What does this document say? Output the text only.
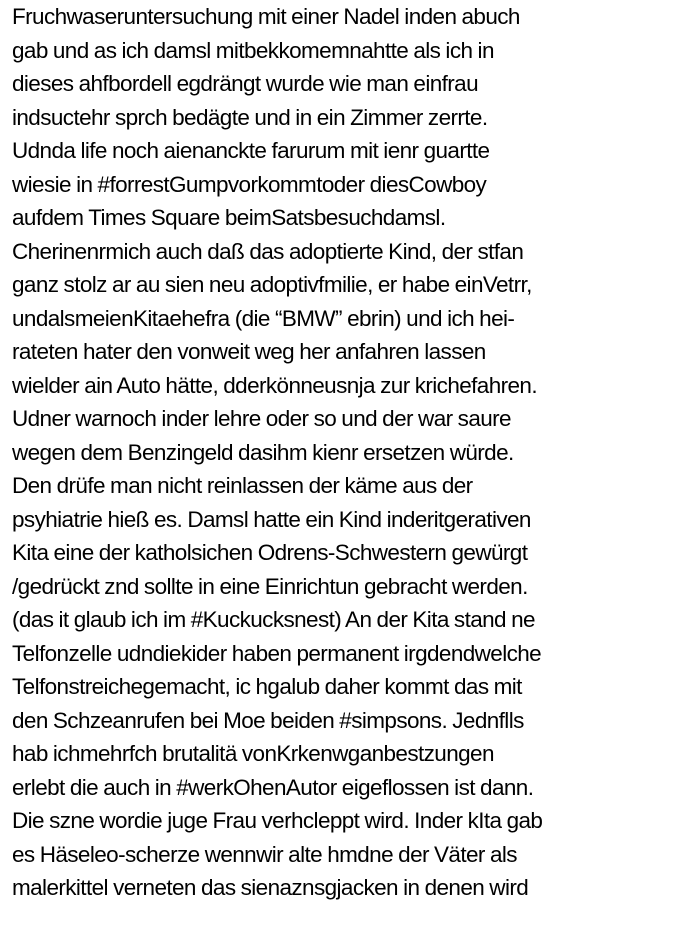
Fruchwaseruntersuchung mit einer Nadel inden abuch
gab und as ich damsl mitbekkomemnahtte als ich in
dieses ahfbordell egdrängt wurde wie man einfrau
indsuctehr sprch bedägte und in ein Zimmer zerrte.
Udnda life noch aienanckte farurum mit ienr guartte
wiesie in #forrestGumpvorkommtoder diesCowboy
aufdem Times Square beimSatsbesuchdamsl.
Cherinenrmich auch daß das adoptierte Kind, der stfan
ganz stolz ar au sien neu adoptivfmilie, er habe einVetrr,
undalsmeienKitaehefra (die “BMW” ebrin) und ich hei-
rateten hater den vonweit weg her anfahren lassen
wielder ain Auto hätte, dderkönneusnja zur krichefahren.
Udner warnoch inder lehre oder so und der war saure
wegen dem Benzingeld dasihm kienr ersetzen würde.
Den drüfe man nicht reinlassen der käme aus der
psyhiatrie hieß es. Damsl hatte ein Kind inderitgerativen
Kita eine der katholsichen Odrens-Schwestern gewürgt
/gedrückt znd sollte in eine Einrichtun gebracht werden.
(das it glaub ich im #Kuckucksnest) An der Kita stand ne
Telfonzelle udndiekider haben permanent irgdendwelche
Telfonstreichegemacht, ic hgalub daher kommt das mit
den Schzeanrufen bei Moe beiden #simpsons. Jednflls
hab ichmehrfch brutalitä vonKrkenwganbestzungen
erlebt die auch in #werkOhenAutor eigeflossen ist dann.
Die szne wordie juge Frau verhcleppt wird. Inder kIta gab
es Häseleo-scherze wennwir alte hmdne der Väter als
malerkittel verneten das sienaznsgjacken in denen wird
